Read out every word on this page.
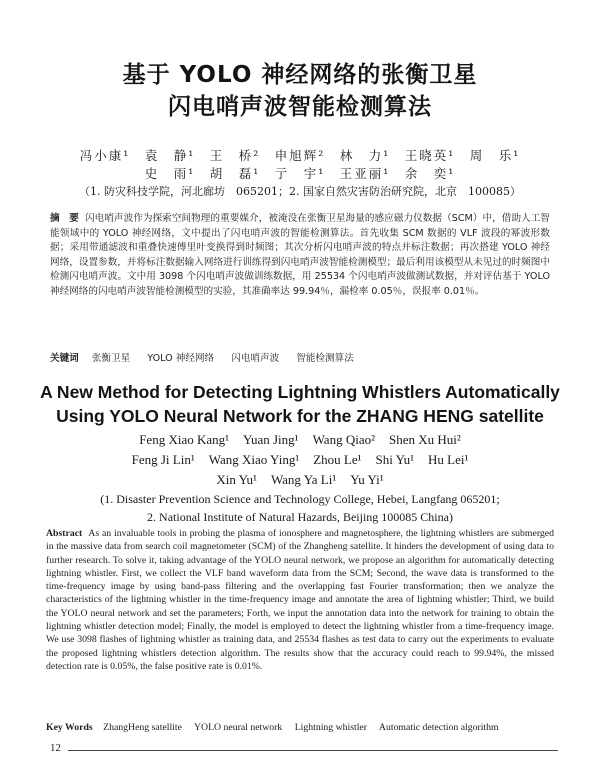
基于 YOLO 神经网络的张衡卫星
闪电哨声波智能检测算法
冯小康¹　袁　静¹　王　桥²　申旭辉²　林　力¹　王晓英¹　周　乐¹
史　雨¹　胡　磊¹　亍　宇¹　王亚丽¹　余　奕¹
（1. 防灾科技学院，河北廊坊　065201；2. 国家自然灾害防治研究院，北京　100085）
摘　要 闪电哨声波作为探索空间物理的重要媒介，被淹没在张衡卫星海量的感应磁力仪数据（SCM）中，借助人工智能领域中的 YOLO 神经网络，文中提出了闪电哨声波的智能检测算法。首先收集 SCM 数据的 VLF 波段的幂波形数据；采用带通滤波和重叠快速傅里叶变换得到时频图；其次分析闪电哨声波的特点并标注数据；再次搭建 YOLO 神经网络，设置参数，并将标注数据输入网络进行训练得到闪电哨声波智能检测模型；最后利用该模型从未见过的时频图中检测闪电哨声波。文中用 3098 个闪电哨声波做训练数据，用 25534 个闪电哨声波做测试数据，并对评估基于 YOLO 神经网络的闪电哨声波智能检测模型的实验，其准确率达 99.94％，漏检率 0.05％，误报率 0.01％。
关键词 张衡卫星 YOLO 神经网络 闪电哨声波 智能检测算法
A New Method for Detecting Lightning Whistlers Automatically
Using YOLO Neural Network for the ZHANG HENG satellite
Feng Xiao Kang¹ Yuan Jing¹ Wang Qiao² Shen Xu Hui²
Feng Ji Lin¹ Wang Xiao Ying¹ Zhou Le¹ Shi Yu¹ Hu Lei¹
Xin Yu¹ Wang Ya Li¹ Yu Yi¹
(1. Disaster Prevention Science and Technology College, Hebei, Langfang 065201;
2. National Institute of Natural Hazards, Beijing 100085 China)
Abstract As an invaluable tools in probing the plasma of ionosphere and magnetosphere, the lightning whistlers are submerged in the massive data from search coil magnetometer (SCM) of the Zhangheng satellite. It hinders the development of using data to further research. To solve it, taking advantage of the YOLO neural network, we propose an algorithm for automatically detecting lightning whistler. First, we collect the VLF band waveform data from the SCM; Second, the wave data is transformed to the time-frequency image by using band-pass filtering and the overlapping fast Fourier transformation; then we analyze the characteristics of the lightning whistler in the time-frequency image and annotate the area of lightning whistler; Third, we build the YOLO neural network and set the parameters; Forth, we input the annotation data into the network for training to obtain the lightning whistler detection model; Finally, the model is employed to detect the lightning whistler from a time-frequency image. We use 3098 flashes of lightning whistler as training data, and 25534 flashes as test data to carry out the experiments to evaluate the proposed lightning whistlers detection algorithm. The results show that the accuracy could reach to 99.94%, the missed detection rate is 0.05%, the false positive rate is 0.01%.
Key Words ZhangHeng satellite YOLO neural network Lightning whistler Automatic detection algorithm
12
